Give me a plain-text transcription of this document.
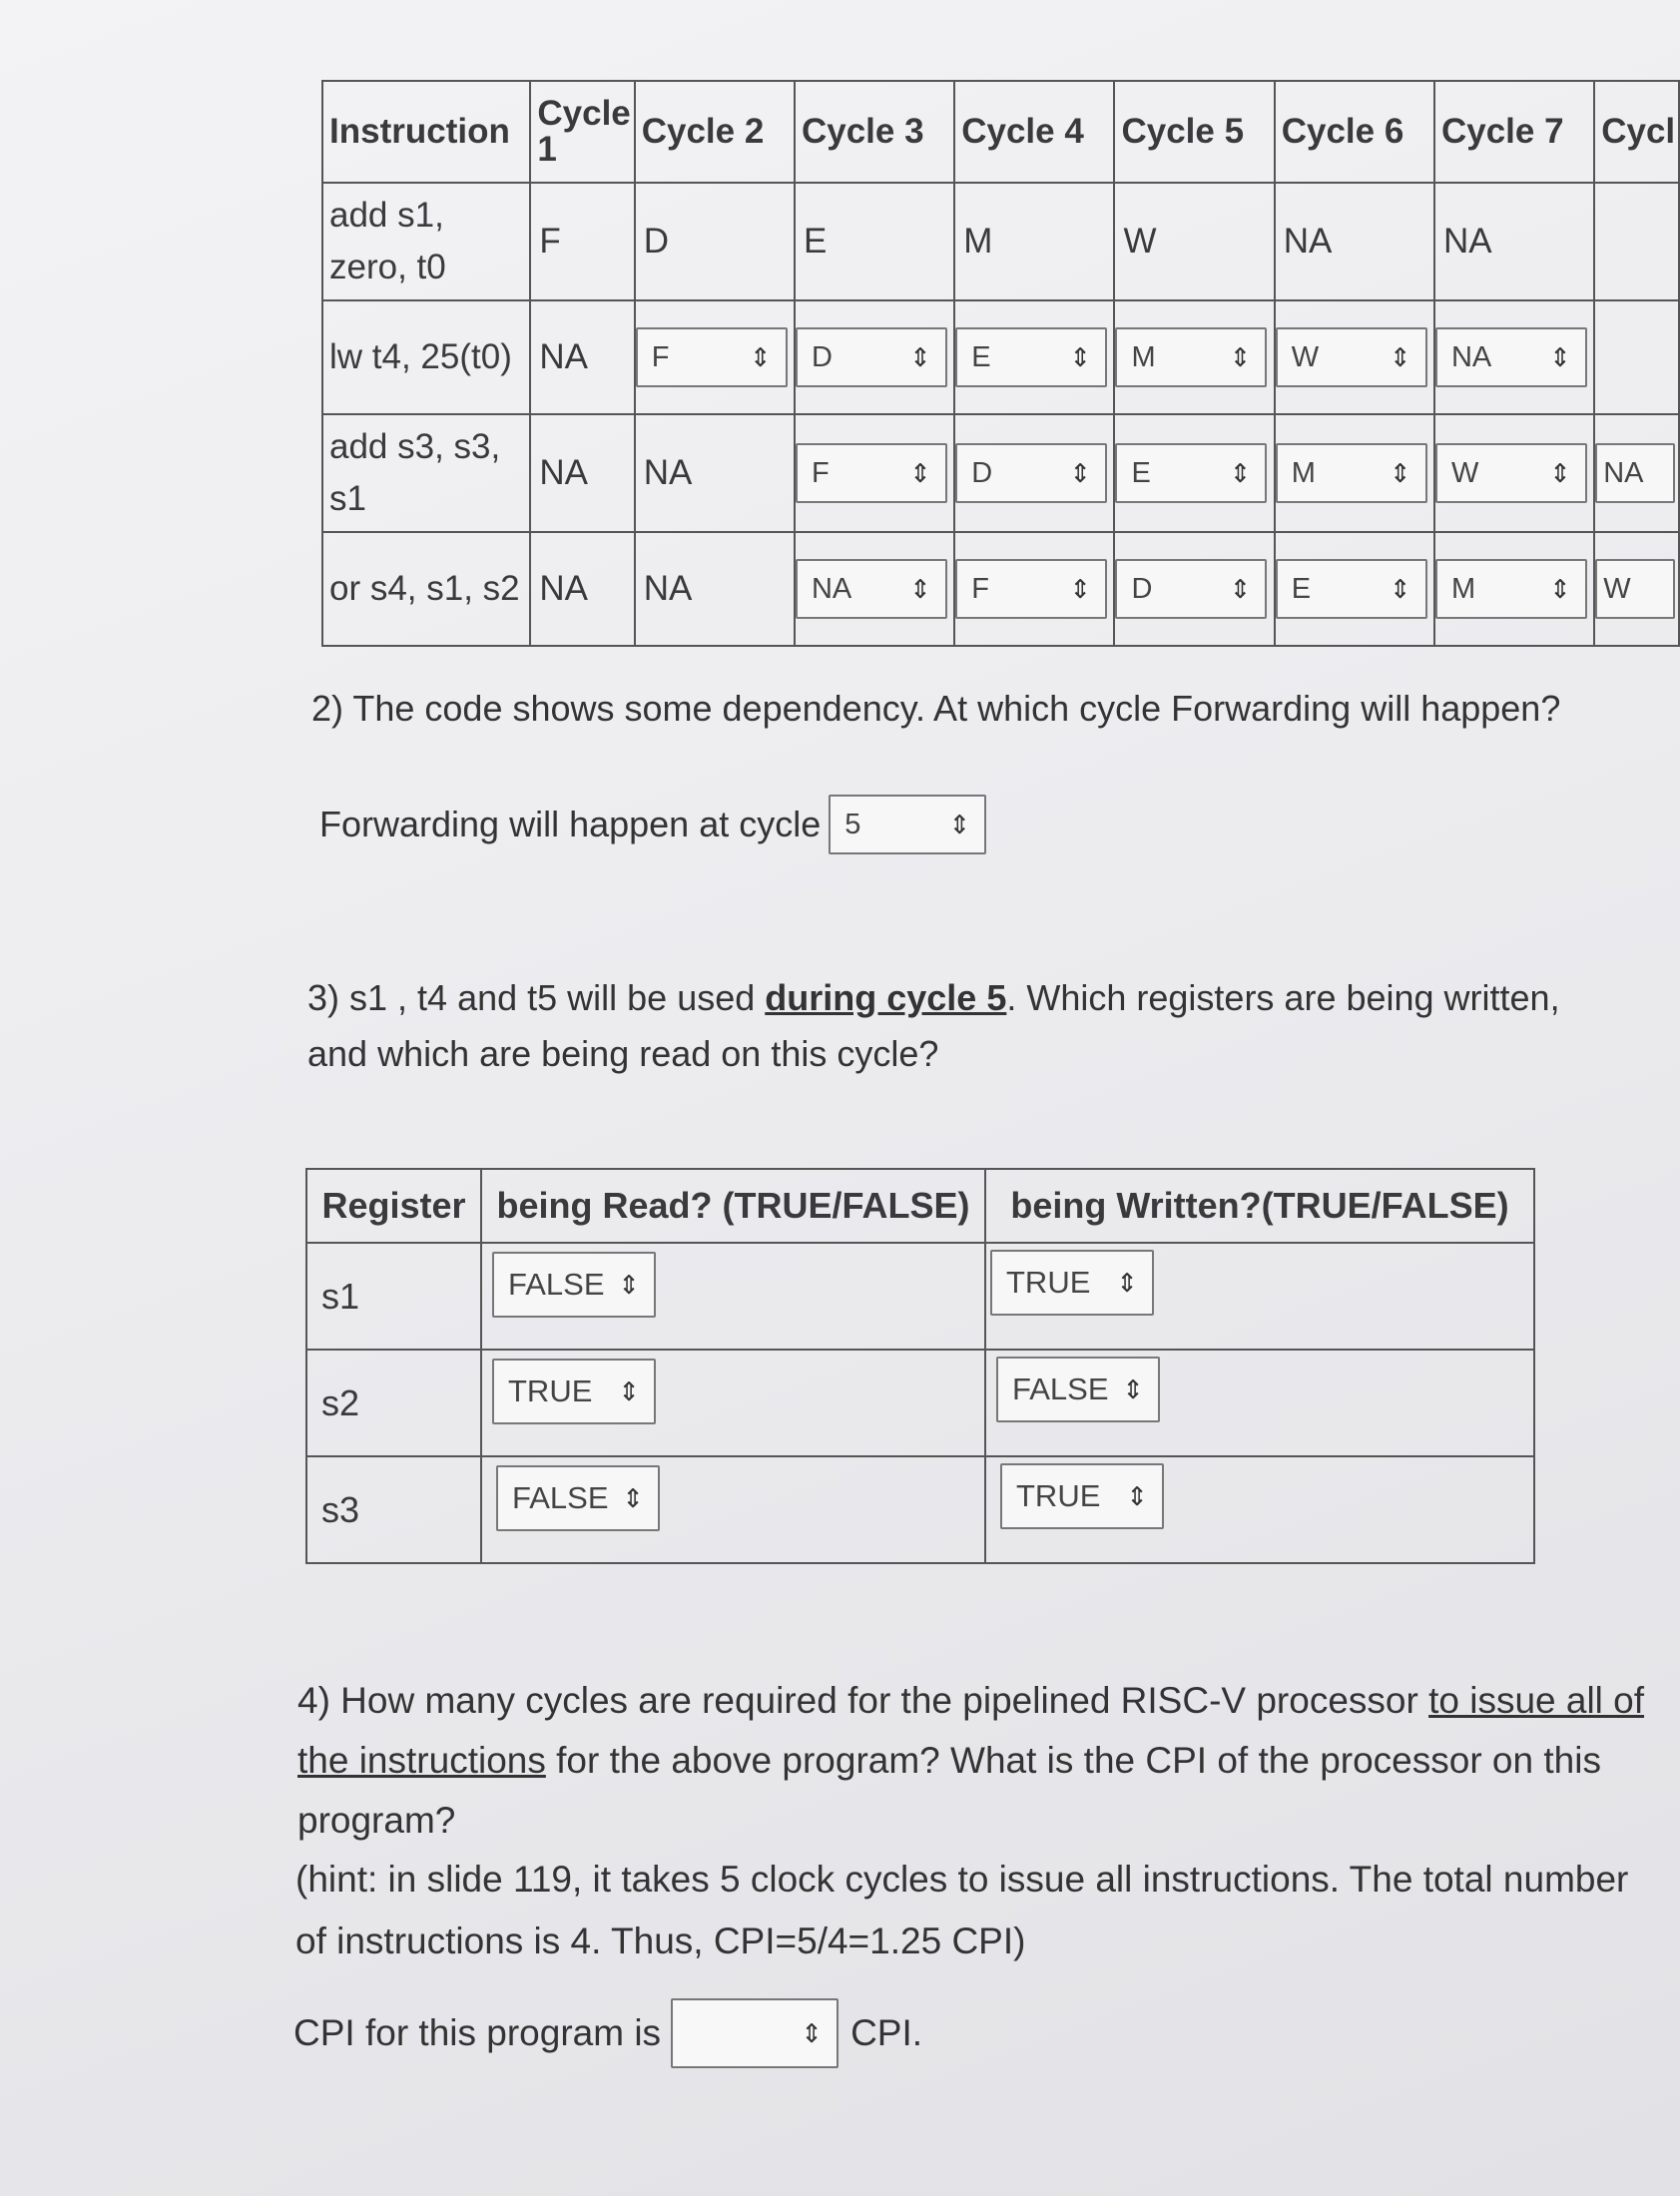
Instruction	Cycle 1	Cycle 2	Cycle 3	Cycle 4	Cycle 5	Cycle 6	Cycle 7	Cycl
add s1, zero, t0	F	D	E	M	W	NA	NA	
lw t4, 25(t0)	NA	F ⇕	D ⇕	E ⇕	M ⇕	W ⇕	NA ⇕	

add s3, s3, s1	NA	NA	F ⇕	D ⇕	E ⇕	M ⇕	W ⇕	NA

or s4, s1, s2	NA	NA	NA ⇕	F ⇕	D ⇕	E ⇕	M ⇕	W
2) The code shows some dependency. At which cycle Forwarding will happen?
Forwarding will happen at cycle 5	⇕
3) s1 , t4 and t5 will be used during cycle 5. Which registers are being written, and which are being read on this cycle?
Register	being Read? (TRUE/FALSE)	being Written?(TRUE/FALSE)
s1	FALSE ⇕	TRUE ⇕

s2	TRUE ⇕	FALSE ⇕

s3	FALSE ⇕	TRUE ⇕
4) How many cycles are required for the pipelined RISC-V processor to issue all of the instructions for the above program? What is the CPI of the processor on this program?
(hint: in slide 119, it takes 5 clock cycles to issue all instructions. The total number of instructions is 4. Thus, CPI=5/4=1.25 CPI)
CPI for this program is	⇕ CPI.
